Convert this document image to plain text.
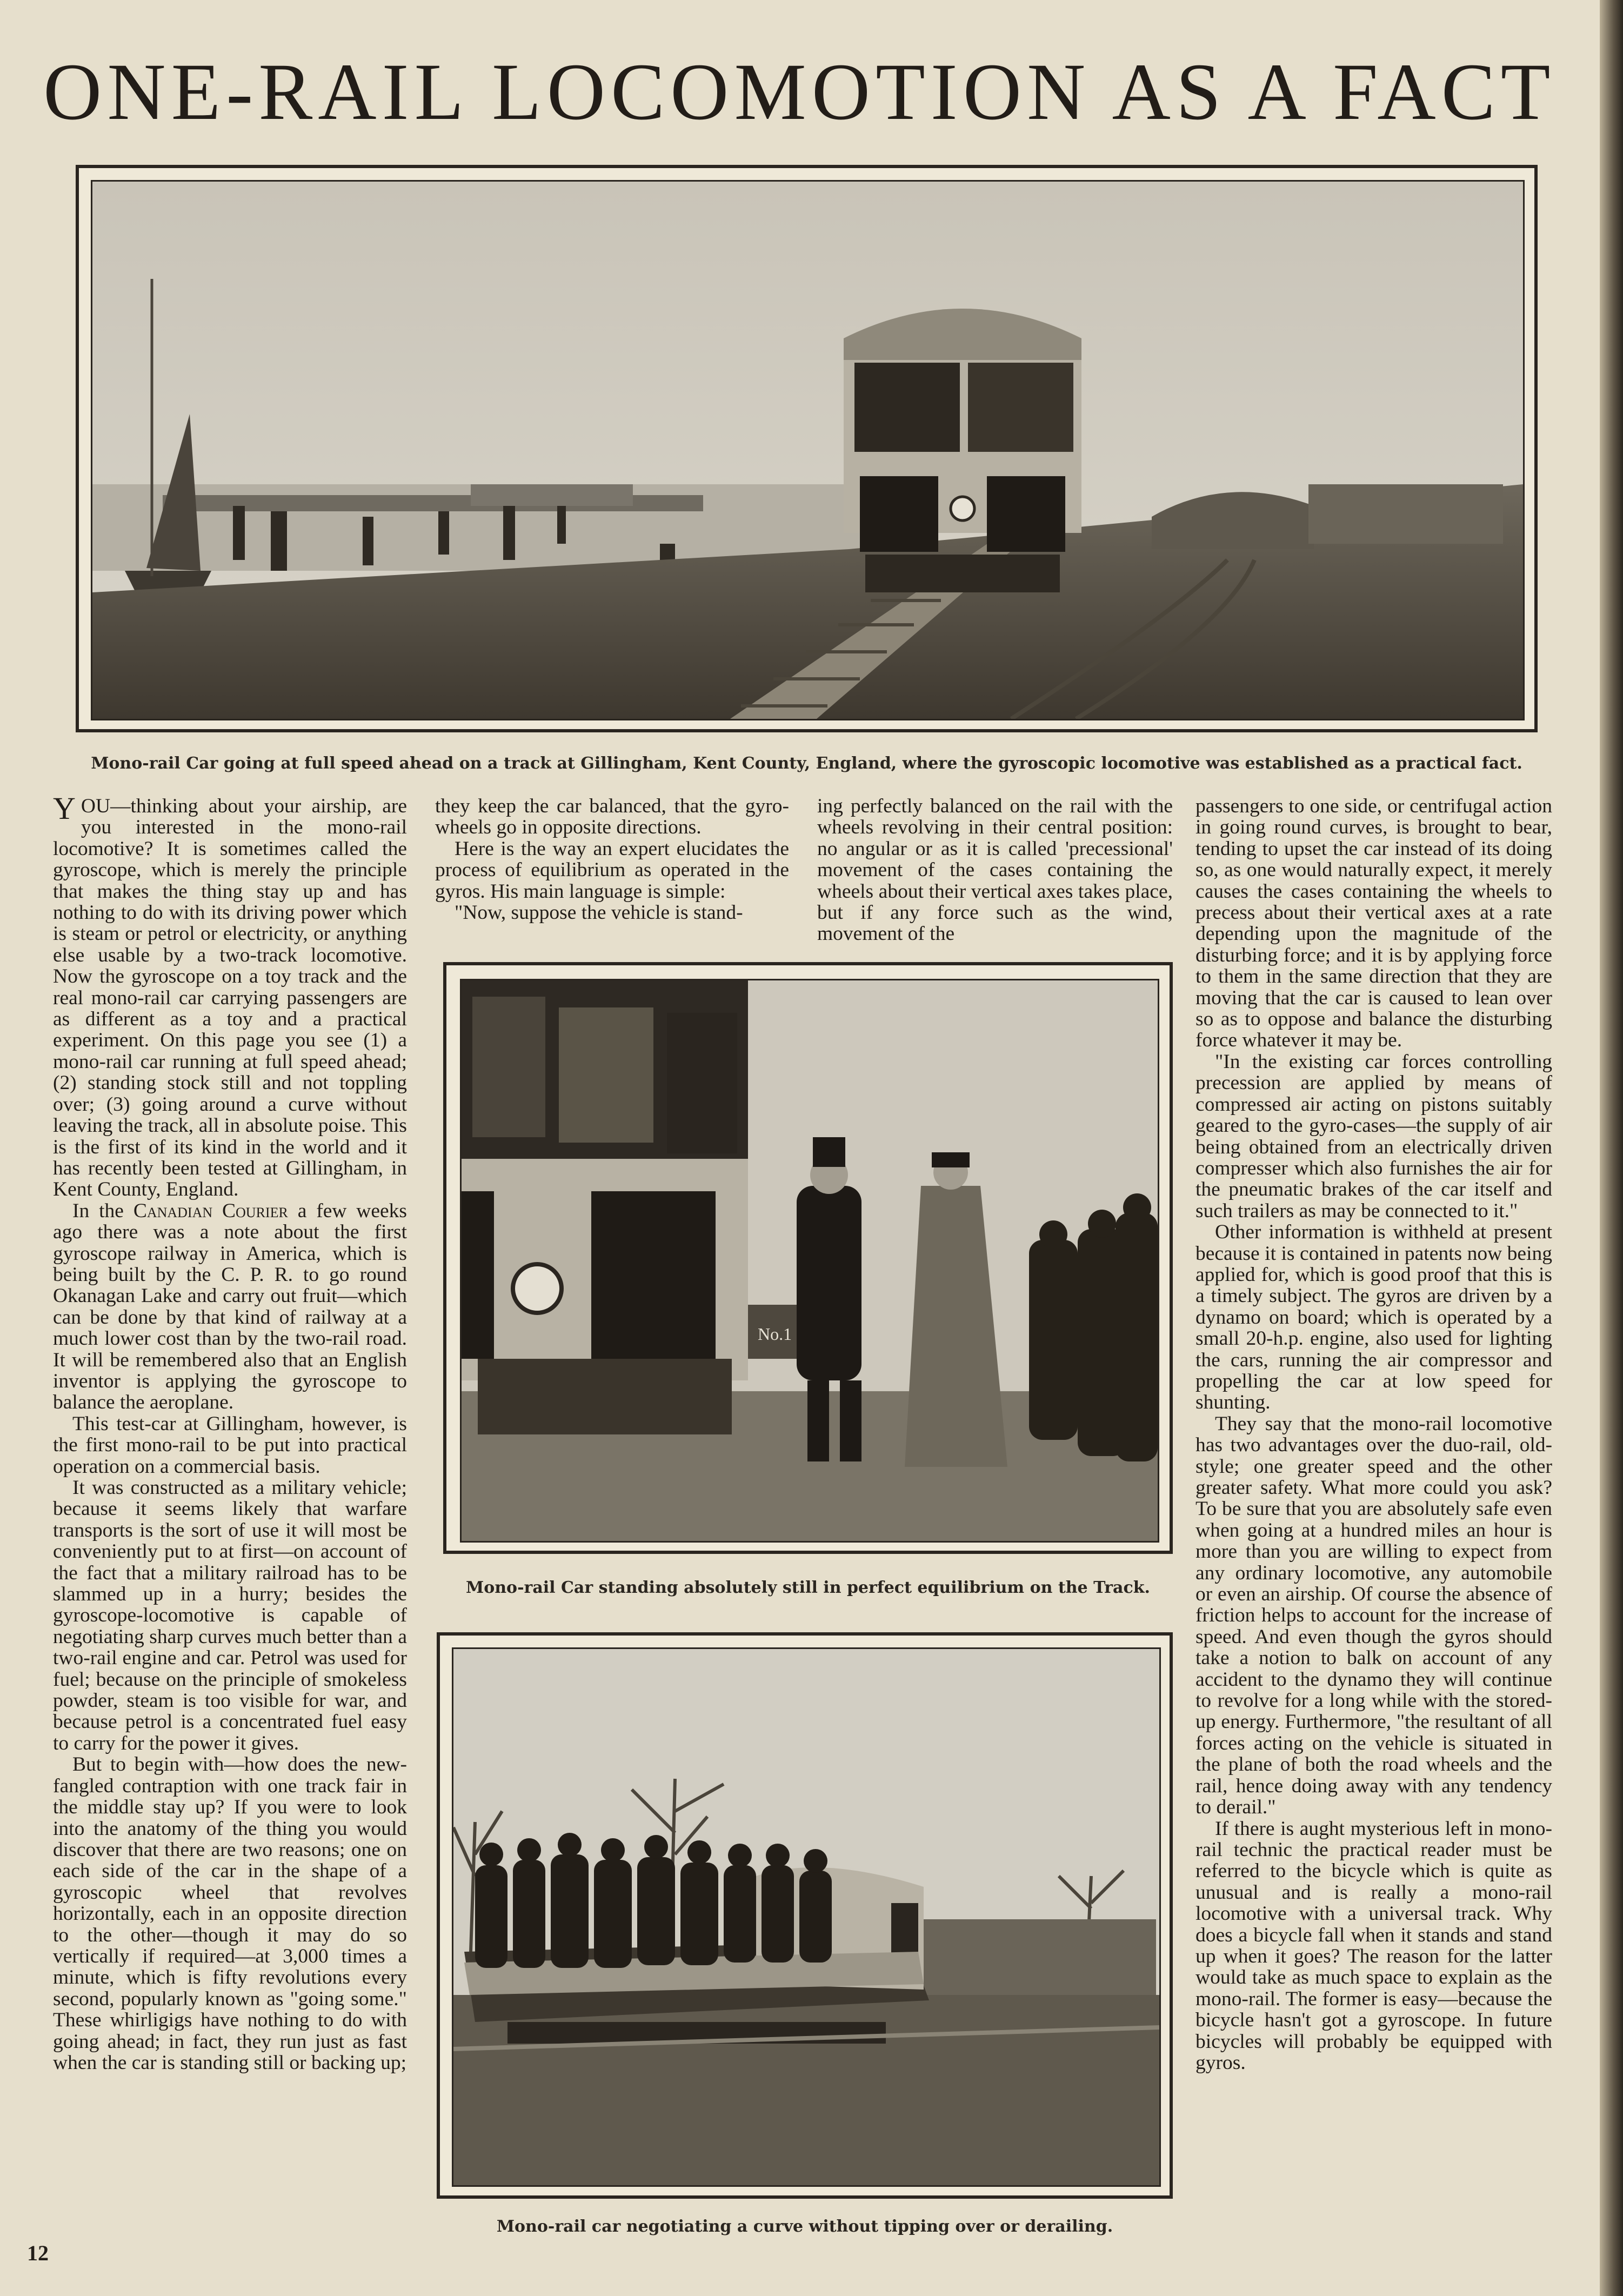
ONE-RAIL LOCOMOTION AS A FACT
Mono-rail Car going at full speed ahead on a track at Gillingham, Kent County, England, where the gyroscopic locomotive was established as a practical fact.
No.1
Mono-rail Car standing absolutely still in perfect equilibrium on the Track.
Mono-rail car negotiating a curve without tipping over or derailing.

YOU—thinking about your airship, are you interested in the mono-rail locomotive? It is sometimes called the gyroscope, which is merely the principle that makes the thing stay up and has nothing to do with its driving power which is steam or petrol or electricity, or anything else usable by a two-track locomotive. Now the gyroscope on a toy track and the real mono-rail car carrying passengers are as different as a toy and a practical experiment. On this page you see (1) a mono-rail car running at full speed ahead; (2) standing stock still and not toppling over; (3) going around a curve without leaving the track, all in absolute poise. This is the first of its kind in the world and it has recently been tested at Gillingham, in Kent County, England.

In the Canadian Courier a few weeks ago there was a note about the first gyroscope railway in America, which is being built by the C. P. R. to go round Okanagan Lake and carry out fruit—which can be done by that kind of railway at a much lower cost than by the two-rail road. It will be remembered also that an English inventor is applying the gyroscope to balance the aeroplane.

This test-car at Gillingham, however, is the first mono-rail to be put into practical operation on a commercial basis.

It was constructed as a military vehicle; because it seems likely that warfare transports is the sort of use it will most be conveniently put to at first—on account of the fact that a military railroad has to be slammed up in a hurry; besides the gyroscope-locomotive is capable of negotiating sharp curves much better than a two-rail engine and car. Petrol was used for fuel; because on the principle of smokeless powder, steam is too visible for war, and because petrol is a concentrated fuel easy to carry for the power it gives.

But to begin with—how does the new-fangled contraption with one track fair in the middle stay up? If you were to look into the anatomy of the thing you would discover that there are two reasons; one on each side of the car in the shape of a gyroscopic wheel that revolves horizontally, each in an opposite direction to the other—though it may do so vertically if required—at 3,000 times a minute, which is fifty revolutions every second, popularly known as "going some." These whirligigs have nothing to do with going ahead; in fact, they run just as fast when the car is standing still or backing up;

they keep the car balanced, that the gyro-wheels go in opposite directions.

Here is the way an expert elucidates the process of equilibrium as operated in the gyros. His main language is simple:

"Now, suppose the vehicle is stand-

ing perfectly balanced on the rail with the wheels revolving in their central position: no angular or as it is called 'precessional' movement of the cases containing the wheels about their vertical axes takes place, but if any force such as the wind, movement of the

passengers to one side, or centrifugal action in going round curves, is brought to bear, tending to upset the car instead of its doing so, as one would naturally expect, it merely causes the cases containing the wheels to precess about their vertical axes at a rate depending upon the magnitude of the disturbing force; and it is by applying force to them in the same direction that they are moving that the car is caused to lean over so as to oppose and balance the disturbing force whatever it may be.

"In the existing car forces controlling precession are applied by means of compressed air acting on pistons suitably geared to the gyro-cases—the supply of air being obtained from an electrically driven compresser which also furnishes the air for the pneumatic brakes of the car itself and such trailers as may be connected to it."

Other information is withheld at present because it is contained in patents now being applied for, which is good proof that this is a timely subject. The gyros are driven by a dynamo on board; which is operated by a small 20-h.p. engine, also used for lighting the cars, running the air compressor and propelling the car at low speed for shunting.

They say that the mono-rail locomotive has two advantages over the duo-rail, old-style; one greater speed and the other greater safety. What more could you ask? To be sure that you are absolutely safe even when going at a hundred miles an hour is more than you are willing to expect from any ordinary locomotive, any automobile or even an airship. Of course the absence of friction helps to account for the increase of speed. And even though the gyros should take a notion to balk on account of any accident to the dynamo they will continue to revolve for a long while with the stored-up energy. Furthermore, "the resultant of all forces acting on the vehicle is situated in the plane of both the road wheels and the rail, hence doing away with any tendency to derail."

If there is aught mysterious left in mono-rail technic the practical reader must be referred to the bicycle which is quite as unusual and is really a mono-rail locomotive with a universal track. Why does a bicycle fall when it stands and stand up when it goes? The reason for the latter would take as much space to explain as the mono-rail. The former is easy—because the bicycle hasn't got a gyroscope. In future bicycles will probably be equipped with gyros.

12
